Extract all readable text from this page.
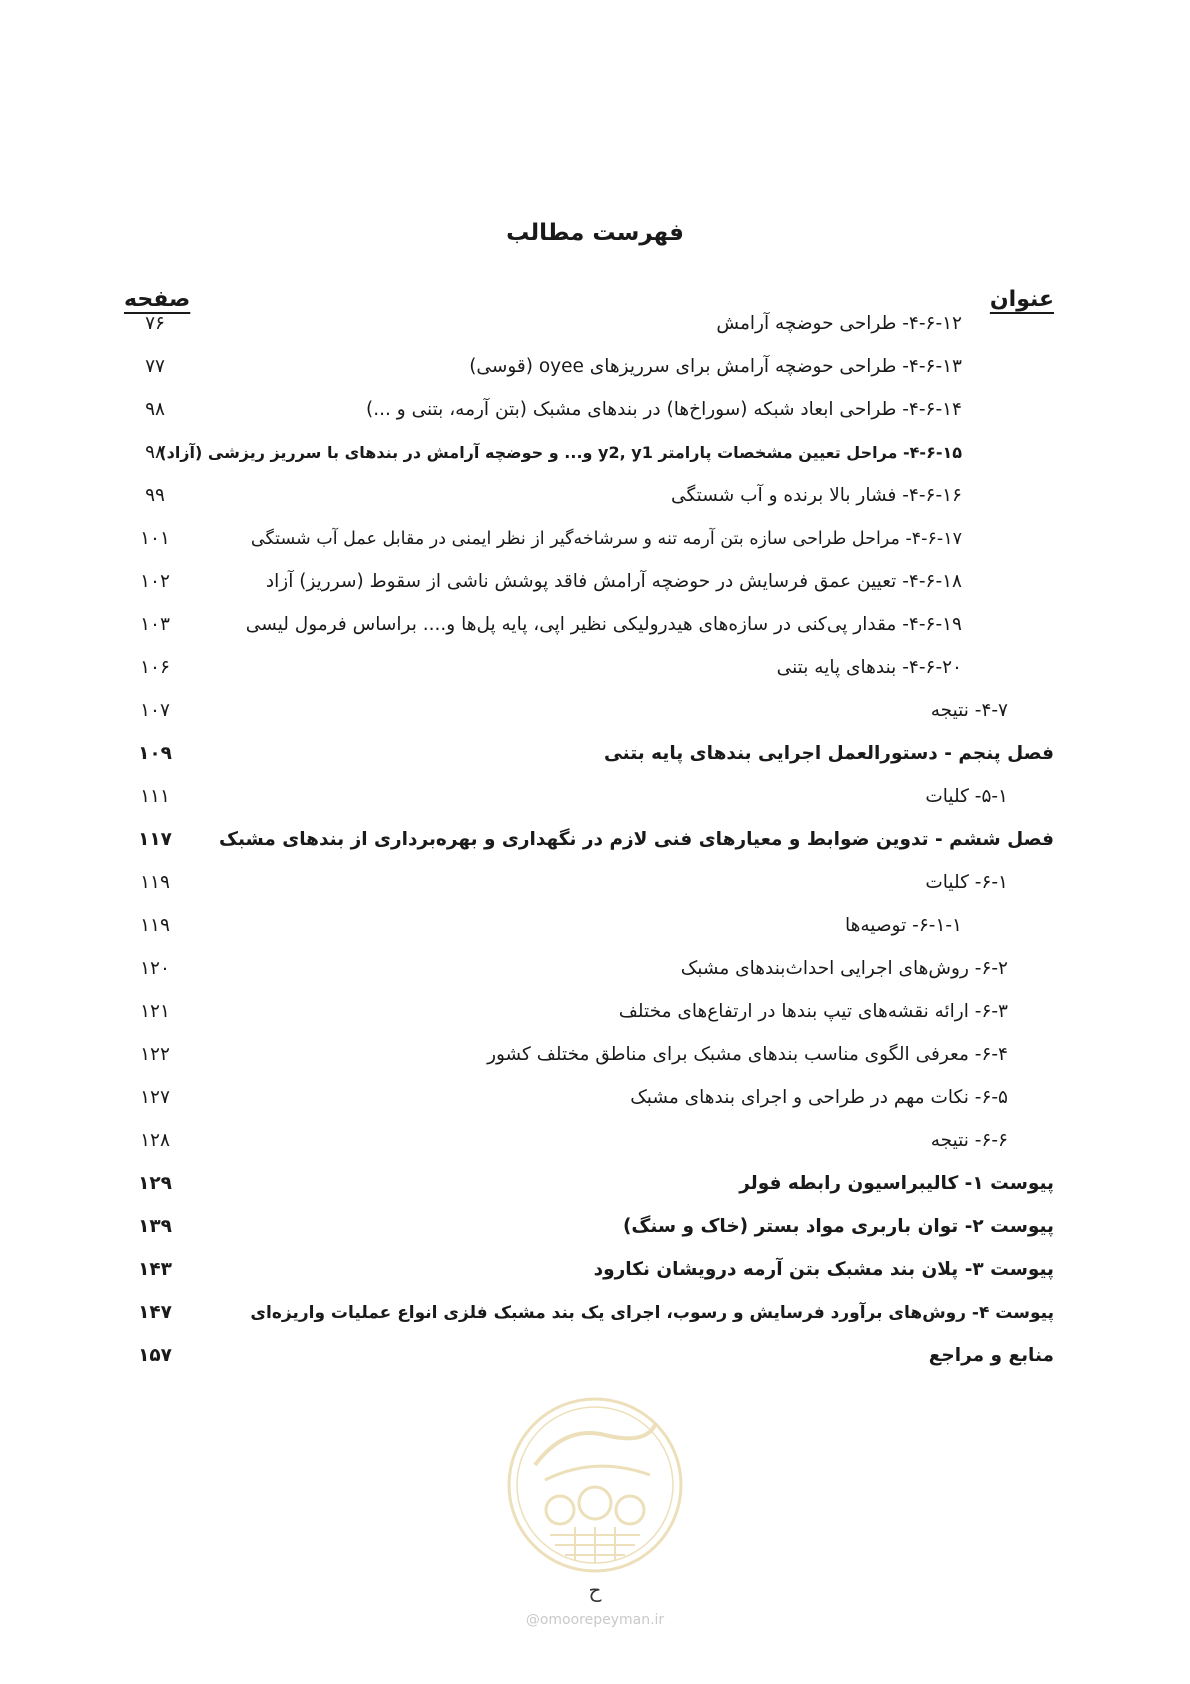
فهرست مطالب
عنوان
صفحه
۴-۶-۱۲- طراحی حوضچه آرامش
۷۶
۴-۶-۱۳- طراحی حوضچه آرامش برای سرریزهای oyee (قوسی)
۷۷
۴-۶-۱۴- طراحی ابعاد شبکه (سوراخ‌ها) در بندهای مشبک (بتن آرمه، بتنی و ...)
۹۸
۴-۶-۱۵- مراحل تعیین مشخصات پارامتر y2, y1 و... و حوضچه آرامش در بندهای با سرریز ریزشی (آزاد)
۹۸
۴-۶-۱۶- فشار بالا برنده و آب شستگی
۹۹
۴-۶-۱۷- مراحل طراحی سازه بتن آرمه تنه و سرشاخه‌گیر از نظر ایمنی در مقابل عمل آب شستگی
۱۰۱
۴-۶-۱۸- تعیین عمق فرسایش در حوضچه آرامش فاقد پوشش ناشی از سقوط (سرریز) آزاد
۱۰۲
۴-۶-۱۹- مقدار پی‌کنی در سازه‌های هیدرولیکی نظیر اپی، پایه پل‌ها و.... براساس فرمول لیسی
۱۰۳
۴-۶-۲۰- بندهای پایه بتنی
۱۰۶
۴-۷- نتیجه
۱۰۷
فصل پنجم - دستورالعمل اجرایی بندهای پایه بتنی
۱۰۹
۵-۱- کلیات
۱۱۱
فصل ششم - تدوین ضوابط و معیارهای فنی لازم در نگهداری و بهره‌برداری از بندهای مشبک
۱۱۷
۶-۱- کلیات
۱۱۹
۶-۱-۱- توصیه‌ها
۱۱۹
۶-۲- روش‌های اجرایی احداث‌بندهای مشبک
۱۲۰
۶-۳- ارائه نقشه‌های تیپ بندها در ارتفاع‌های مختلف
۱۲۱
۶-۴- معرفی الگوی مناسب بندهای مشبک برای مناطق مختلف کشور
۱۲۲
۶-۵- نکات مهم در طراحی و اجرای بندهای مشبک
۱۲۷
۶-۶- نتیجه
۱۲۸
پیوست ۱- کالیبراسیون رابطه فولر
۱۲۹
پیوست ۲- توان باربری مواد بستر (خاک و سنگ)
۱۳۹
پیوست ۳- پلان بند مشبک بتن آرمه درویشان نکارود
۱۴۳
پیوست ۴- روش‌های برآورد فرسایش و رسوب، اجرای یک بند مشبک فلزی انواع عملیات واریزه‌ای
۱۴۷
منابع و مراجع
۱۵۷
ح
@omoorepeyman.ir
